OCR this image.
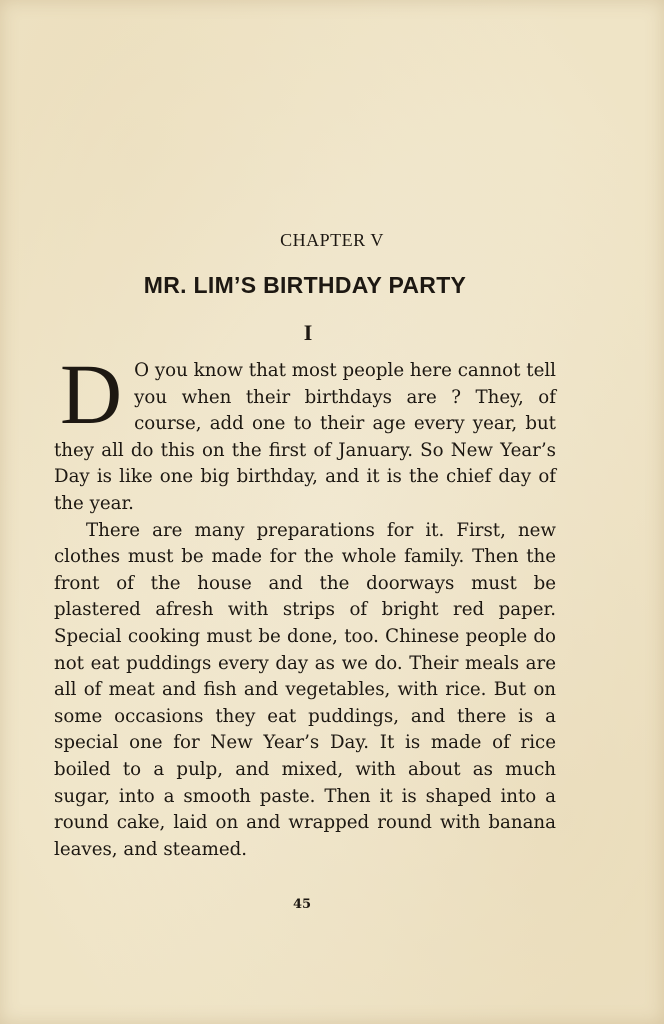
CHAPTER V
MR. LIM’S BIRTHDAY PARTY
I

D O you know that most people here cannot tell you when their birthdays are ? They, of course, add one to their age every year, but they all do this on the first of January. So New Year’s Day is like one big birthday, and it is the chief day of the year.

There are many preparations for it. First, new clothes must be made for the whole family. Then the front of the house and the doorways must be plastered afresh with strips of bright red paper. Special cooking must be done, too. Chinese people do not eat puddings every day as we do. Their meals are all of meat and fish and vegetables, with rice. But on some occasions they eat puddings, and there is a special one for New Year’s Day. It is made of rice boiled to a pulp, and mixed, with about as much sugar, into a smooth paste. Then it is shaped into a round cake, laid on and wrapped round with banana leaves, and steamed.

45
